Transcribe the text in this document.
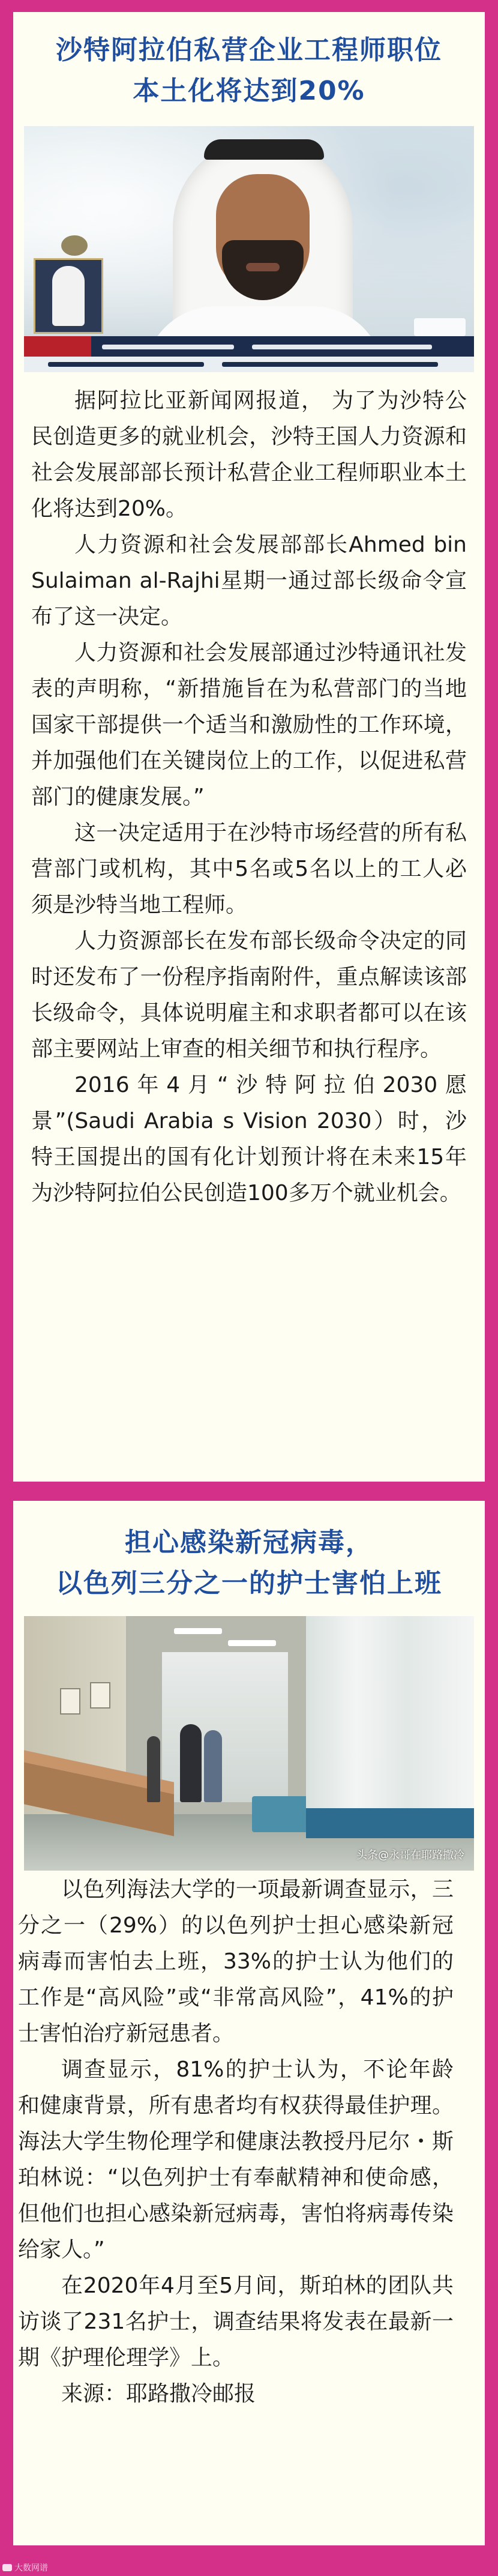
沙特阿拉伯私营企业工程师职位
本土化将达到20%

据阿拉比亚新闻网报道， 为了为沙特公民创造更多的就业机会，沙特王国人力资源和社会发展部部长预计私营企业工程师职业本土化将达到20%。

人力资源和社会发展部部长Ahmed bin Sulaiman al-Rajhi星期一通过部长级命令宣布了这一决定。

人力资源和社会发展部通过沙特通讯社发表的声明称，“新措施旨在为私营部门的当地国家干部提供一个适当和激励性的工作环境，并加强他们在关键岗位上的工作，以促进私营部门的健康发展。”

这一决定适用于在沙特市场经营的所有私营部门或机构，其中5名或5名以上的工人必须是沙特当地工程师。

人力资源部长在发布部长级命令决定的同时还发布了一份程序指南附件，重点解读该部长级命令，具体说明雇主和求职者都可以在该部主要网站上审查的相关细节和执行程序。

2016年4月“沙特阿拉伯2030愿景”(Saudi Arabia s Vision 2030）时，沙特王国提出的国有化计划预计将在未来15年为沙特阿拉伯公民创造100多万个就业机会。

担心感染新冠病毒，
以色列三分之一的护士害怕上班
头条@永哥在耶路撒冷

以色列海法大学的一项最新调查显示，三分之一（29%）的以色列护士担心感染新冠病毒而害怕去上班，33%的护士认为他们的工作是“高风险”或“非常高风险”，41%的护士害怕治疗新冠患者。

调查显示，81%的护士认为，不论年龄和健康背景，所有患者均有权获得最佳护理。海法大学生物伦理学和健康法教授丹尼尔・斯珀林说：“以色列护士有奉献精神和使命感，但他们也担心感染新冠病毒，害怕将病毒传染给家人。”

在2020年4月至5月间，斯珀林的团队共访谈了231名护士，调查结果将发表在最新一期《护理伦理学》上。

来源：耶路撒冷邮报

大数网谱
